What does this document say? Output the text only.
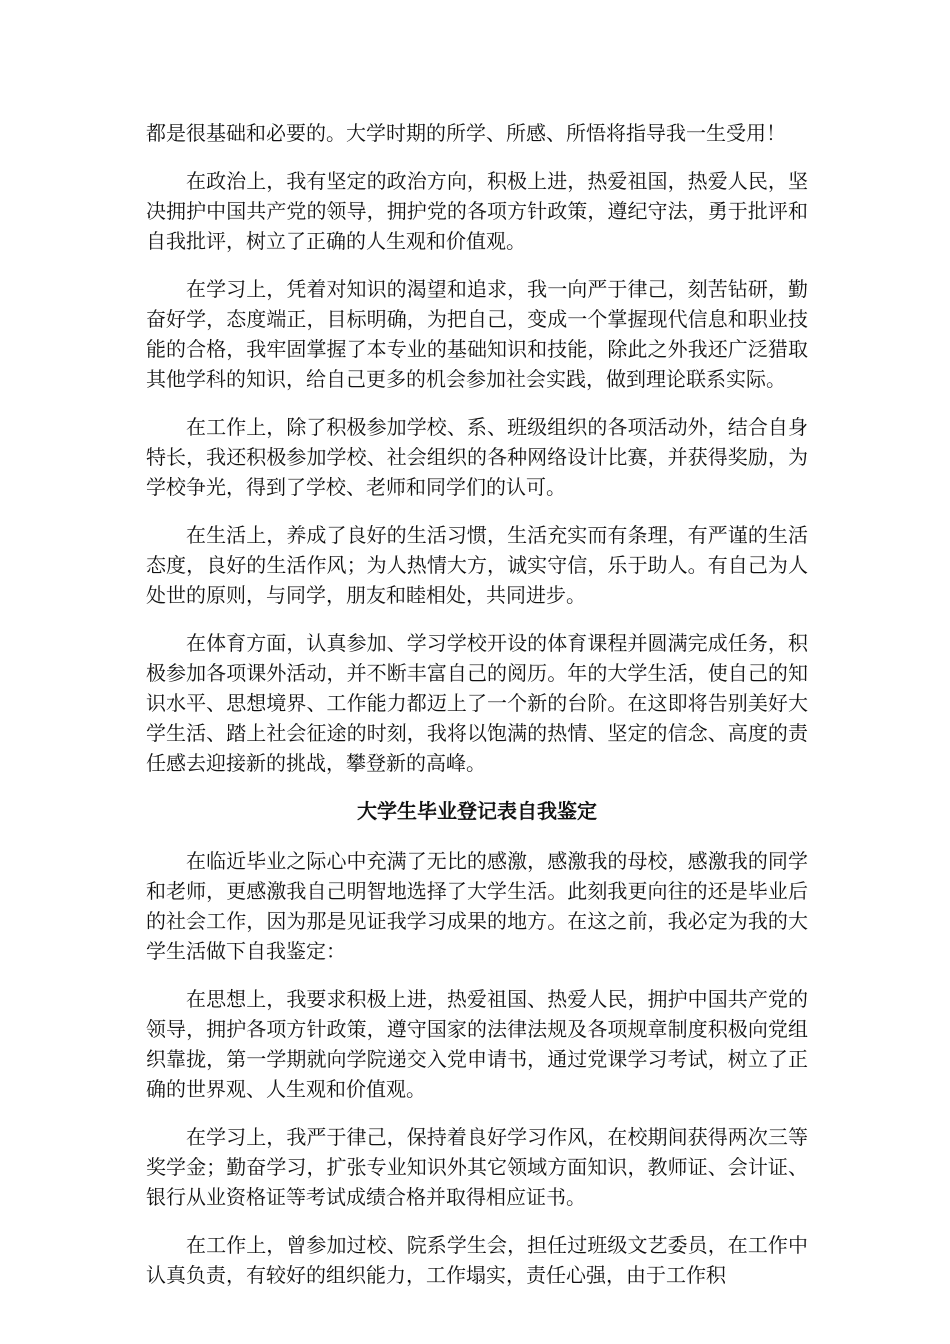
都是很基础和必要的。大学时期的所学、所感、所悟将指导我一生受用！

在政治上，我有坚定的政治方向，积极上进，热爱祖国，热爱人民，坚决拥护中国共产党的领导，拥护党的各项方针政策，遵纪守法，勇于批评和自我批评，树立了正确的人生观和价值观。

在学习上，凭着对知识的渴望和追求，我一向严于律己，刻苦钻研，勤奋好学，态度端正，目标明确，为把自己，变成一个掌握现代信息和职业技能的合格，我牢固掌握了本专业的基础知识和技能，除此之外我还广泛猎取其他学科的知识，给自己更多的机会参加社会实践，做到理论联系实际。

在工作上，除了积极参加学校、系、班级组织的各项活动外，结合自身特长，我还积极参加学校、社会组织的各种网络设计比赛，并获得奖励，为学校争光，得到了学校、老师和同学们的认可。

在生活上，养成了良好的生活习惯，生活充实而有条理，有严谨的生活态度，良好的生活作风；为人热情大方，诚实守信，乐于助人。有自己为人处世的原则，与同学，朋友和睦相处，共同进步。

在体育方面，认真参加、学习学校开设的体育课程并圆满完成任务，积极参加各项课外活动，并不断丰富自己的阅历。年的大学生活，使自己的知识水平、思想境界、工作能力都迈上了一个新的台阶。在这即将告别美好大学生活、踏上社会征途的时刻，我将以饱满的热情、坚定的信念、高度的责任感去迎接新的挑战，攀登新的高峰。

大学生毕业登记表自我鉴定

在临近毕业之际心中充满了无比的感激，感激我的母校，感激我的同学和老师，更感激我自己明智地选择了大学生活。此刻我更向往的还是毕业后的社会工作，因为那是见证我学习成果的地方。在这之前，我必定为我的大学生活做下自我鉴定：

在思想上，我要求积极上进，热爱祖国、热爱人民，拥护中国共产党的领导，拥护各项方针政策，遵守国家的法律法规及各项规章制度积极向党组织靠拢，第一学期就向学院递交入党申请书，通过党课学习考试，树立了正确的世界观、人生观和价值观。

在学习上，我严于律己，保持着良好学习作风，在校期间获得两次三等奖学金；勤奋学习，扩张专业知识外其它领域方面知识，教师证、会计证、银行从业资格证等考试成绩合格并取得相应证书。

在工作上，曾参加过校、院系学生会，担任过班级文艺委员，在工作中认真负责，有较好的组织能力，工作塌实，责任心强，由于工作积
